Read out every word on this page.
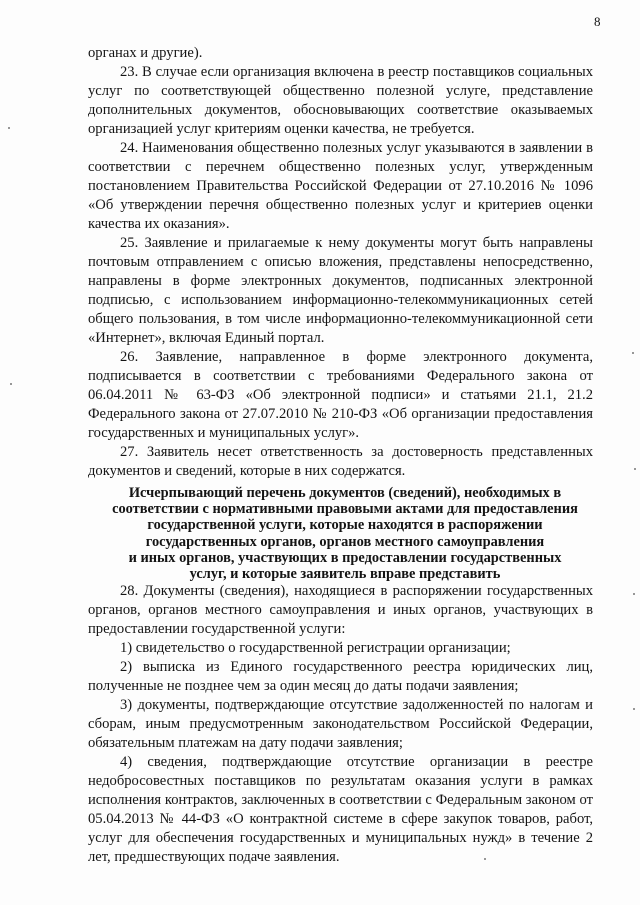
8

органах и другие).

23. В случае если организация включена в реестр поставщиков социальных услуг по соответствующей общественно полезной услуге, представление дополнительных документов, обосновывающих соответствие оказываемых организацией услуг критериям оценки качества, не требуется.

24. Наименования общественно полезных услуг указываются в заявлении в соответствии с перечнем общественно полезных услуг, утвержденным постановлением Правительства Российской Федерации от 27.10.2016 № 1096 «Об утверждении перечня общественно полезных услуг и критериев оценки качества их оказания».

25. Заявление и прилагаемые к нему документы могут быть направлены почтовым отправлением с описью вложения, представлены непосредственно, направлены в форме электронных документов, подписанных электронной подписью, с использованием информационно-телекоммуникационных сетей общего пользования, в том числе информационно-телекоммуникационной сети «Интернет», включая Единый портал.

26. Заявление, направленное в форме электронного документа, подписывается в соответствии с требованиями Федерального закона от 06.04.2011 № 63-ФЗ «Об электронной подписи» и статьями 21.1, 21.2 Федерального закона от 27.07.2010 № 210-ФЗ «Об организации предоставления государственных и муниципальных услуг».

27. Заявитель несет ответственность за достоверность представленных документов и сведений, которые в них содержатся.

Исчерпывающий перечень документов (сведений), необходимых в
соответствии с нормативными правовыми актами для предоставления
государственной услуги, которые находятся в распоряжении
государственных органов, органов местного самоуправления
и иных органов, участвующих в предоставлении государственных
услуг, и которые заявитель вправе представить

28. Документы (сведения), находящиеся в распоряжении государственных органов, органов местного самоуправления и иных органов, участвующих в предоставлении государственной услуги:

1) свидетельство о государственной регистрации организации;

2) выписка из Единого государственного реестра юридических лиц, полученные не позднее чем за один месяц до даты подачи заявления;

3) документы, подтверждающие отсутствие задолженностей по налогам и сборам, иным предусмотренным законодательством Российской Федерации, обязательным платежам на дату подачи заявления;

4) сведения, подтверждающие отсутствие организации в реестре недобросовестных поставщиков по результатам оказания услуги в рамках исполнения контрактов, заключенных в соответствии с Федеральным законом от 05.04.2013 № 44-ФЗ «О контрактной системе в сфере закупок товаров, работ, услуг для обеспечения государственных и муниципальных нужд» в течение 2 лет, предшествующих подаче заявления.
